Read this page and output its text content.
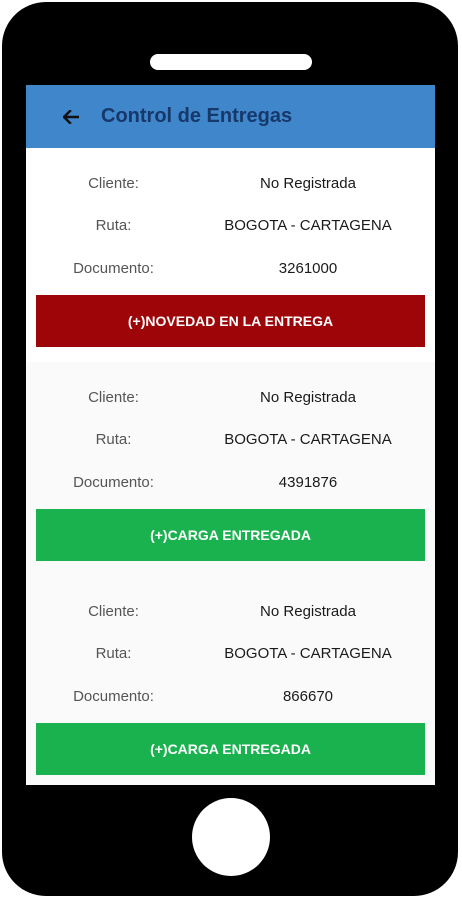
Control de Entregas
Cliente:	No Registrada
Ruta:	BOGOTA - CARTAGENA
Documento:	3261000
(+)NOVEDAD EN LA ENTREGA
Cliente:	No Registrada
Ruta:	BOGOTA - CARTAGENA
Documento:	4391876
(+)CARGA ENTREGADA
Cliente:	No Registrada
Ruta:	BOGOTA - CARTAGENA
Documento:	866670
(+)CARGA ENTREGADA
